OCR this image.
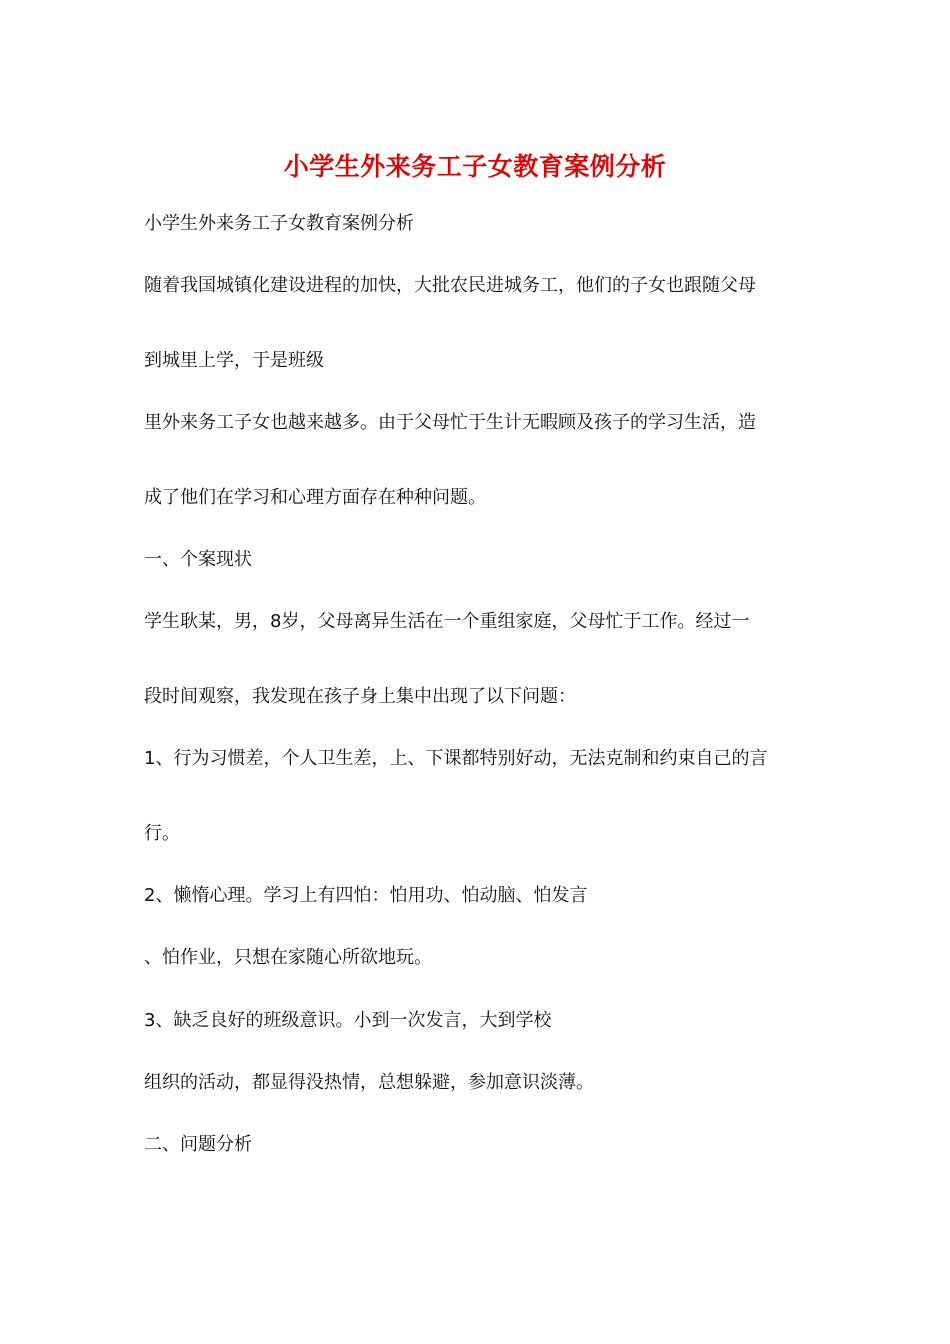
小学生外来务工子女教育案例分析

小学生外来务工子女教育案例分析

随着我国城镇化建设进程的加快，大批农民进城务工，他们的子女也跟随父母

到城里上学，于是班级

里外来务工子女也越来越多。由于父母忙于生计无暇顾及孩子的学习生活，造

成了他们在学习和心理方面存在种种问题。

一、个案现状

学生耿某，男，8岁，父母离异生活在一个重组家庭，父母忙于工作。经过一

段时间观察，我发现在孩子身上集中出现了以下问题：

1、行为习惯差，个人卫生差，上、下课都特别好动，无法克制和约束自己的言

行。

2、懒惰心理。学习上有四怕：怕用功、怕动脑、怕发言

、怕作业，只想在家随心所欲地玩。

3、缺乏良好的班级意识。小到一次发言，大到学校

组织的活动，都显得没热情，总想躲避，参加意识淡薄。

二、问题分析
